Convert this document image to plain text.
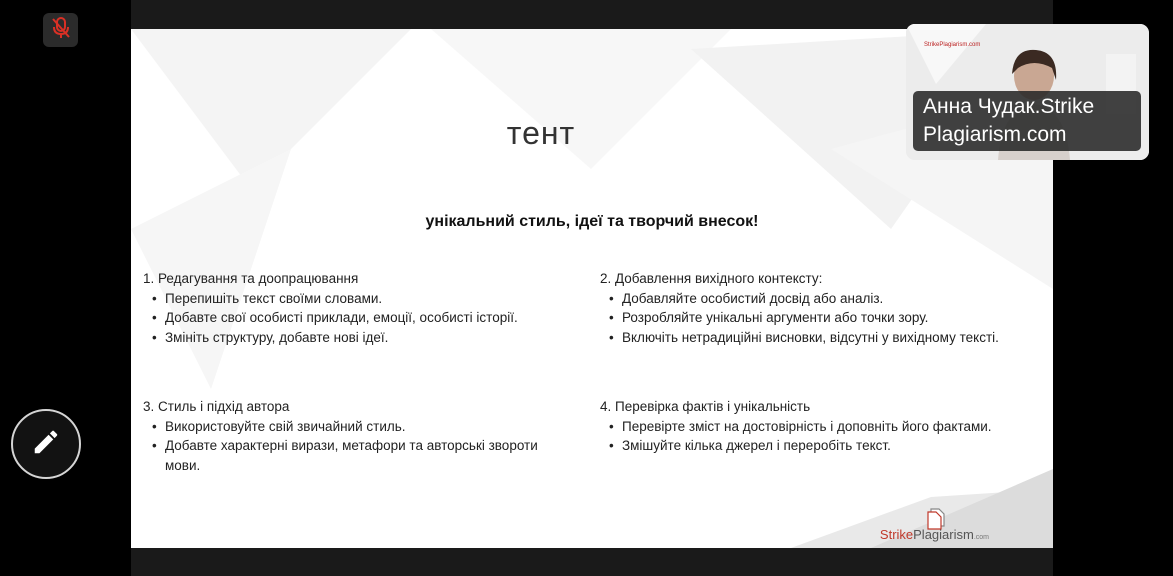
тент
унікальний стиль, ідеї та творчий внесок!
1. Редагування та доопрацювання
• Перепишіть текст своїми словами.
• Добавте свої особисті приклади, емоції, особисті історії.
• Змініть структуру, добавте нові ідеї.
2. Добавлення вихідного контексту:
• Добавляйте особистий досвід або аналіз.
• Розробляйте унікальні аргументи або точки зору.
• Включіть нетрадиційні висновки, відсутні у вихідному тексті.
3. Стиль і підхід автора
• Використовуйте свій звичайний стиль.
• Добавте характерні вирази, метафори та авторські звороти мови.
4. Перевірка фактів і унікальність
• Перевірте зміст на достовірність і доповніть його фактами.
• Змішуйте кілька джерел і переробіть текст.
StrikePlagiarism.com
StrikePlagiarism.com
Анна Чудак.Strike Plagiarism.com
